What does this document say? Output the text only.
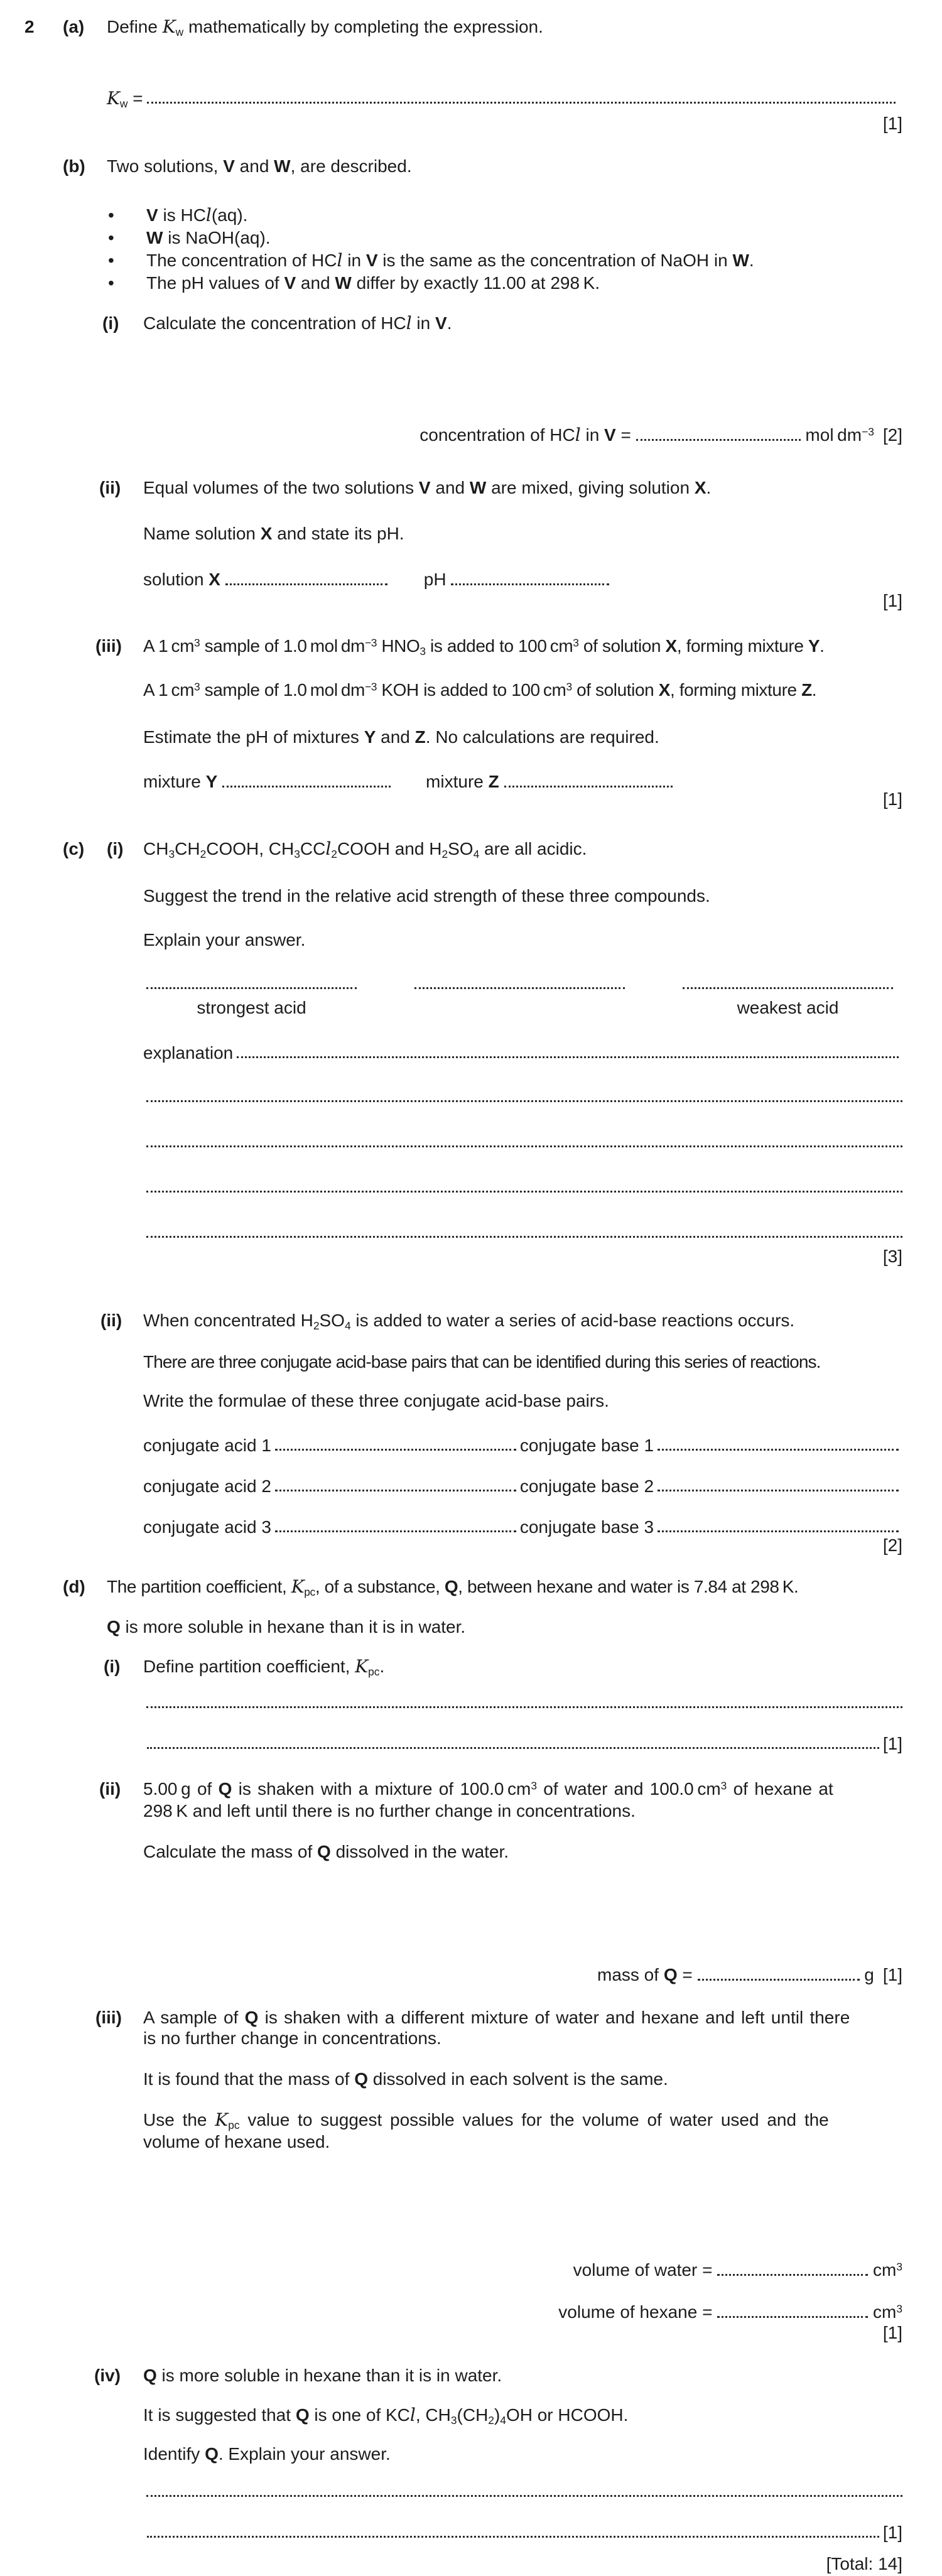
2 (a) Define $K_w$ mathematically by completing the expression.
$K_w$ =
[1]
(b) Two solutions, V and W, are described.
• V is HCl(aq).
• W is NaOH(aq).
• The concentration of HCl in V is the same as the concentration of NaOH in W.
• The pH values of V and W differ by exactly 11.00 at 298 K.
(i) Calculate the concentration of HCl in V.
concentration of HCl in V =	mol $dm^{-3}$ [2]
(ii) Equal volumes of the two solutions V and W are mixed, giving solution X.
Name solution X and state its pH.
solution X	pH
[1]
(iii) A 1 $cm^3$ sample of 1.0 mol $dm^{-3}$ $HNO_3$ is added to 100 $cm^3$ of solution X, forming mixture Y.
A 1 $cm^3$ sample of 1.0 mol $dm^{-3}$ KOH is added to 100 $cm^3$ of solution X, forming mixture Z.
Estimate the pH of mixtures Y and Z. No calculations are required.
mixture Y	mixture Z
[1]
(c) (i) $CH_3CH_2COOH$, $CH_3CCl_2COOH$ and $H_2SO_4$ are all acidic.
Suggest the trend in the relative acid strength of these three compounds.
Explain your answer.
strongest acid	weakest acid
explanation
[3]
(ii) When concentrated $H_2SO_4$ is added to water a series of acid-base reactions occurs.
There are three conjugate acid-base pairs that can be identified during this series of reactions.
Write the formulae of these three conjugate acid-base pairs.
conjugate acid 1	conjugate base 1
conjugate acid 2	conjugate base 2
conjugate acid 3	conjugate base 3
[2]
(d) The partition coefficient, $K_{pc}$, of a substance, Q, between hexane and water is 7.84 at 298 K.
Q is more soluble in hexane than it is in water.
(i) Define partition coefficient, $K_{pc}$.
[1]
(ii) 5.00 g of Q is shaken with a mixture of 100.0 $cm^3$ of water and 100.0 $cm^3$ of hexane at
298 K and left until there is no further change in concentrations.
Calculate the mass of Q dissolved in the water.
mass of Q =	g [1]
(iii) A sample of Q is shaken with a different mixture of water and hexane and left until there
is no further change in concentrations.
It is found that the mass of Q dissolved in each solvent is the same.
Use the $K_{pc}$ value to suggest possible values for the volume of water used and the
volume of hexane used.
volume of water =	$cm^3$
volume of hexane =	$cm^3$
[1]
(iv) Q is more soluble in hexane than it is in water.
It is suggested that Q is one of KCl, $CH_3(CH_2)_4OH$ or HCOOH.
Identify Q. Explain your answer.
[1]
[Total: 14]
